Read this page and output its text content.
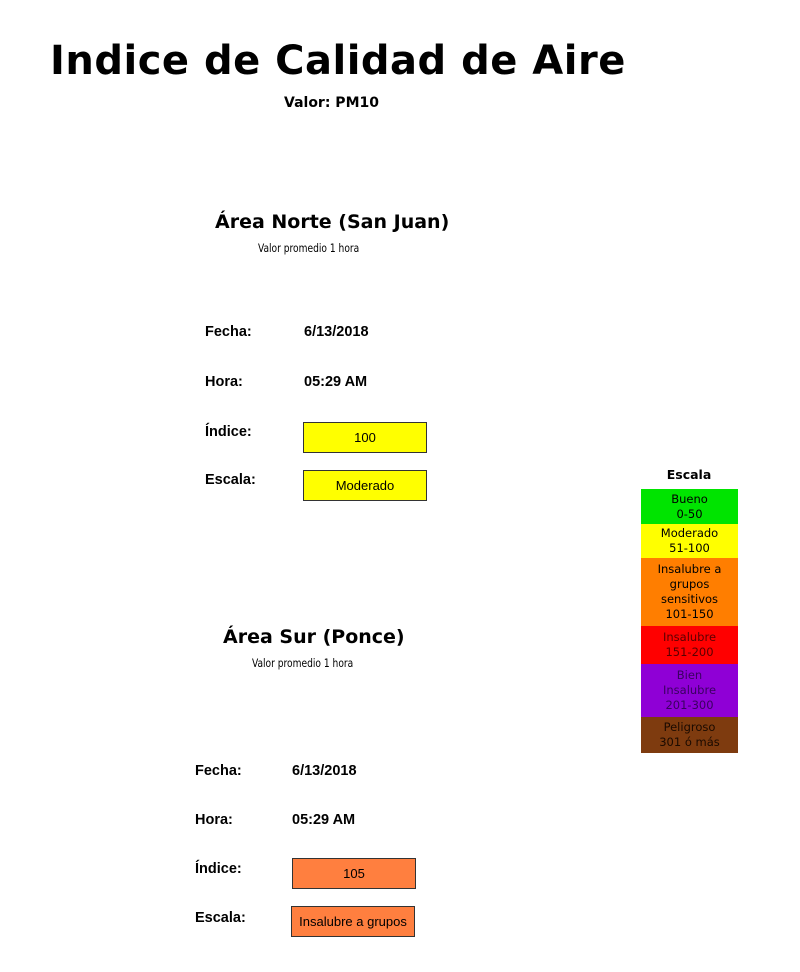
Indice de Calidad de Aire
Valor: PM10
Área Norte (San Juan)
Valor promedio 1 hora
Fecha:	6/13/2018
Hora:	05:29 AM
Índice:	100
Escala:	Moderado
Área Sur (Ponce)
Valor promedio 1 hora
Fecha:	6/13/2018
Hora:	05:29 AM
Índice:	105
Escala:	Insalubre a grupos
Escala
Bueno
0-50
Moderado
51-100
Insalubre a
grupos
sensitivos
101-150
Insalubre
151-200
Bien
Insalubre
201-300
Peligroso
301 ó más
